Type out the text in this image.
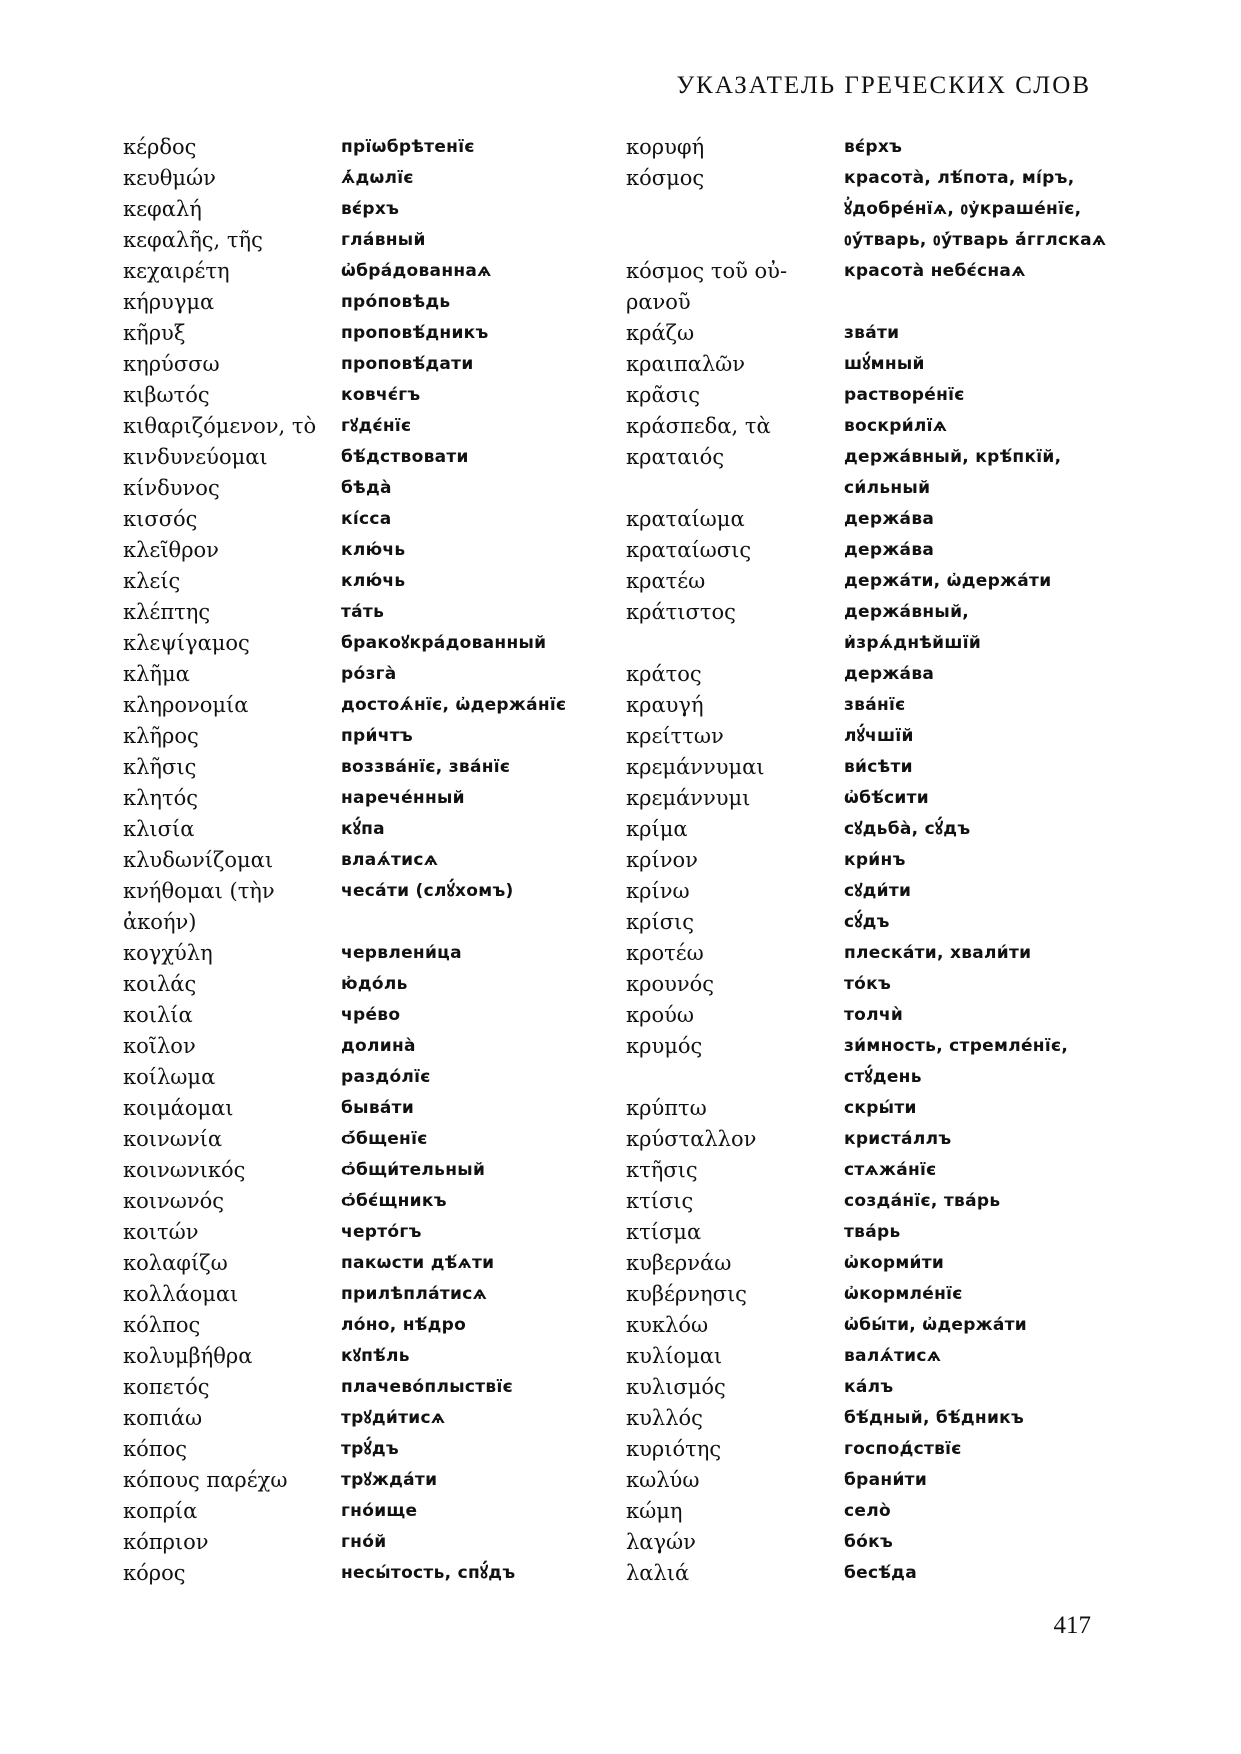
УКАЗАТЕЛЬ ГРЕЧЕСКИХ СЛОВ
κέρδος	прїωбрѣтенїє
κευθμών	ѧ҆́дωлїє
κεφαλή	вє́рхъ
κεφαλῆς, τῆς	гла́вный
κεχαιρέτη	ѡ҆бра́дованнаѧ
κήρυγμα	про́повѣдь
κῆρυξ	проповѣ́дникъ
κηρύσσω	проповѣ́дати
κιβωτός	ковчє́гъ
κιθαριζόμενον, τὸ	гꙋдє́нїє
κινδυνεύομαι	бѣ́дствовати
κίνδυνος	бѣда̀
κισσός	кі́сса
κλεῖθρον	клю́чь
κλείς	клю́чь
κλέπτης	та́ть
κλεψίγαμος	бракоꙋкра́дованный
κλῆμα	ро́зга̀
κληρονομία	достоѧ́нїє, ѡ҆держа́нїє
κλῆρος	при́чтъ
κλῆσις	воззва́нїє, зва́нїє
κλητός	нарече́нный
κλισία	кꙋ́па
κλυδωνίζομαι	влаѧ́тисѧ
κνήθομαι (τὴν	чеса́ти (слꙋ́хомъ)
ἀκοήν)
κογχύλη	червлени́ца
κοιλάς	ю҆до́ль
κοιλία	чре́во
κοῖλον	долина̀
κοίλωμα	раздо́лїє
κοιμάομαι	быва́ти
κοινωνία	ѻ҆́бщенїє
κοινωνικός	ѻ҆бщи́тельный
κοινωνός	ѻ҆бє́щникъ
κοιτών	черто́гъ
κολαφίζω	пакѡсти дѣ́ѧти
κολλάομαι	прилѣпла́тисѧ
κόλπος	ло́но, нѣ́дро
κολυμβήθρα	кꙋпѣ́ль
κοπετός	плачево́плыствїє
κοπιάω	трꙋди́тисѧ
κόπος	трꙋ́дъ
κόπους παρέχω	трꙋжда́ти
κοπρία	гно́ище
κόπριον	гно́й
κόρος	несы́тость, спꙋ́дъ
κορυφή	вє́рхъ
κόσμος	красота̀, лѣ́пота, мі́ръ,
ꙋ҆добре́нїѧ, ᲂу҆краше́нїє,
ᲂу҆́тварь, ᲂу҆́тварь а҆́гглскаѧ
κόσμος τοῦ οὐ-	красота̀ небє́снаѧ
ρανοῦ
κράζω	зва́ти
κραιπαλῶν	шꙋ́мный
κρᾶσις	растворе́нїє
κράσπεδα, τὰ	воскри́лїѧ
κραταιός	держа́вный, крѣ́пкїй,
си́льный
κραταίωμα	держа́ва
κραταίωσις	держа́ва
κρατέω	держа́ти, ѡ҆держа́ти
κράτιστος	держа́вный,
и҆зрѧ́днѣйшїй
κράτος	держа́ва
κραυγή	зва́нїє
κρείττων	лꙋ́чшїй
κρεμάννυμαι	ви́сѣти
κρεμάννυμι	ѡ҆бѣ́сити
κρίμα	сꙋдьба̀, сꙋ́дъ
κρίνον	кри́нъ
κρίνω	сꙋди́ти
κρίσις	сꙋ́дъ
κροτέω	плеска́ти, хвали́ти
κρουνός	то́къ
κρούω	толчѝ
κρυμός	зи́мность, стремле́нїє,
стꙋ́день
κρύπτω	скры́ти
κρύσταλλον	криста́ллъ
κτῆσις	стѧжа́нїє
κτίσις	созда́нїє, тва́рь
κτίσμα	тва́рь
κυβερνάω	ѡ҆корми́ти
κυβέρνησις	ѡ҆кормле́нїє
κυκλόω	ѡ҆бы́ти, ѡ҆держа́ти
κυλίομαι	валѧ́тисѧ
κυλισμός	ка́лъ
κυλλός	бѣ́дный, бѣ́дникъ
κυριότης	господ́ствїє
κωλύω	брани́ти
κώμη	село̀
λαγών	бо́къ
λαλιά	бесѣ́да
417
